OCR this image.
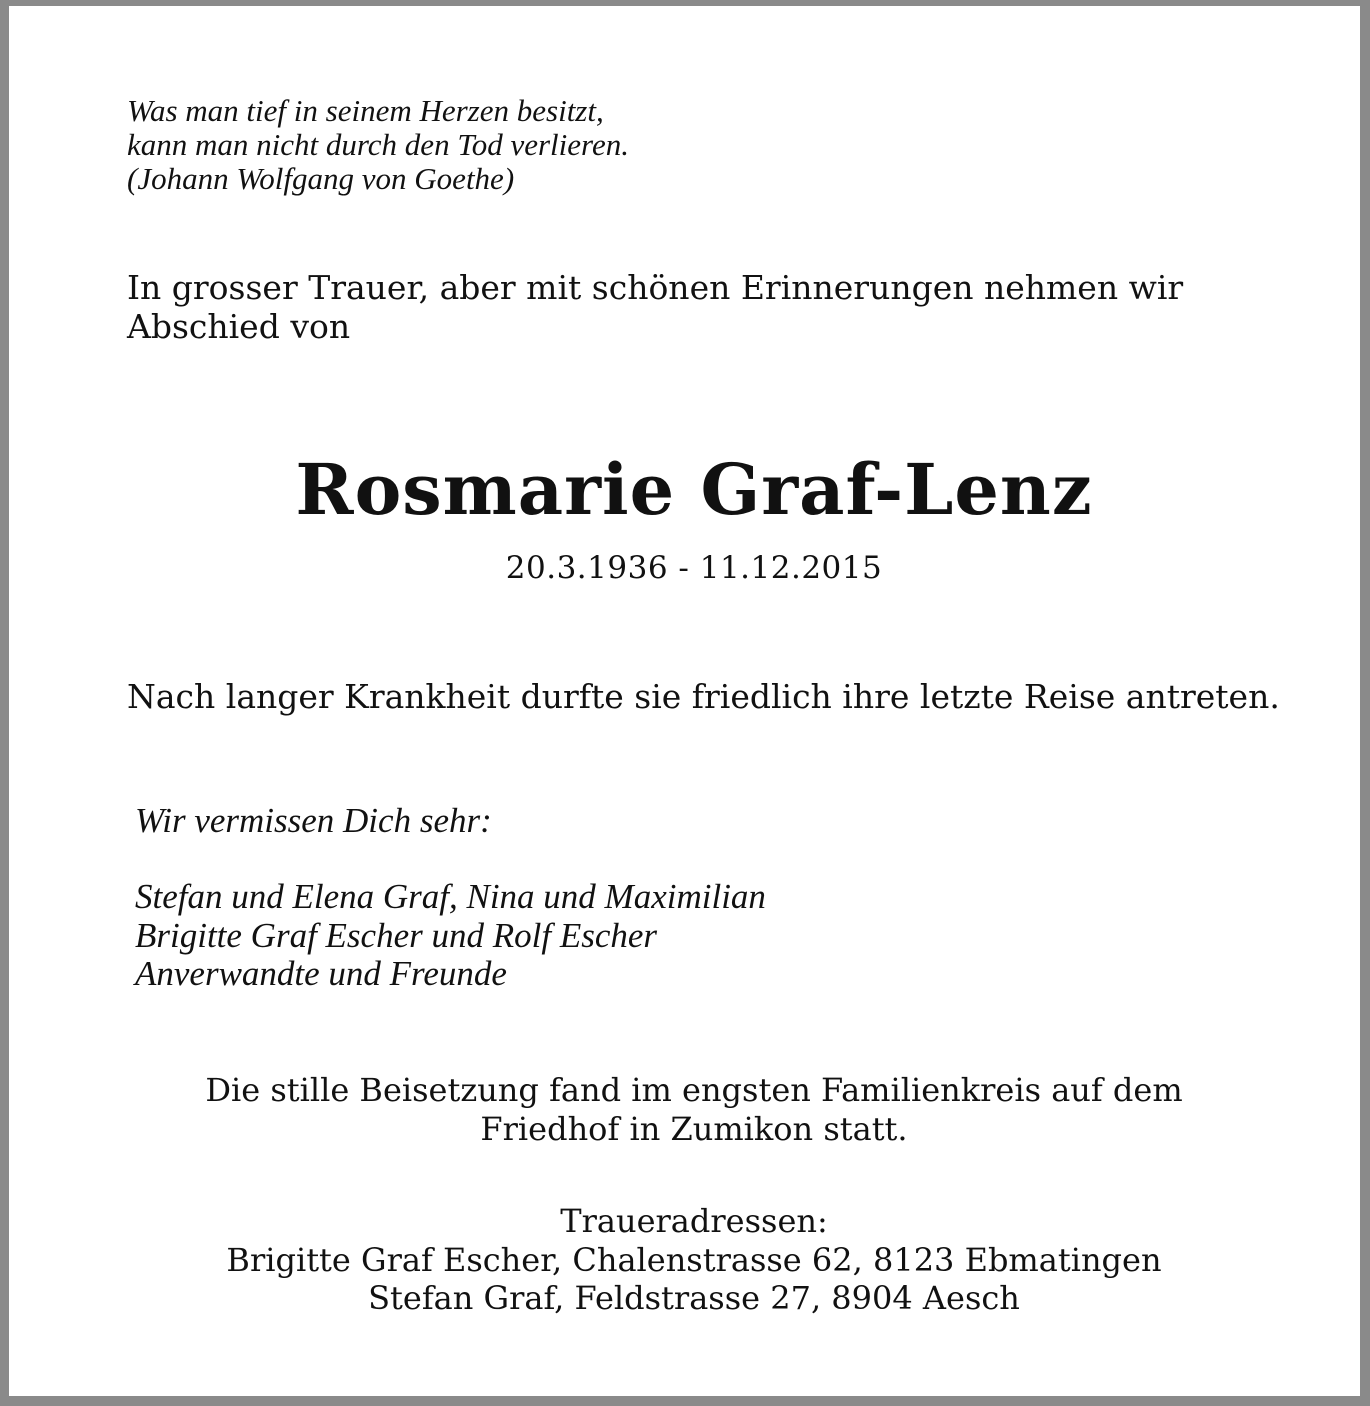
Was man tief in seinem Herzen besitzt,
kann man nicht durch den Tod verlieren.
(Johann Wolfgang von Goethe)
In grosser Trauer, aber mit schönen Erinnerungen nehmen wir
Abschied von
Rosmarie Graf-Lenz
20.3.1936 - 11.12.2015
Nach langer Krankheit durfte sie friedlich ihre letzte Reise antreten.
Wir vermissen Dich sehr:
Stefan und Elena Graf, Nina und Maximilian
Brigitte Graf Escher und Rolf Escher
Anverwandte und Freunde
Die stille Beisetzung fand im engsten Familienkreis auf dem
Friedhof in Zumikon statt.
Traueradressen:
Brigitte Graf Escher, Chalenstrasse 62, 8123 Ebmatingen
Stefan Graf, Feldstrasse 27, 8904 Aesch
